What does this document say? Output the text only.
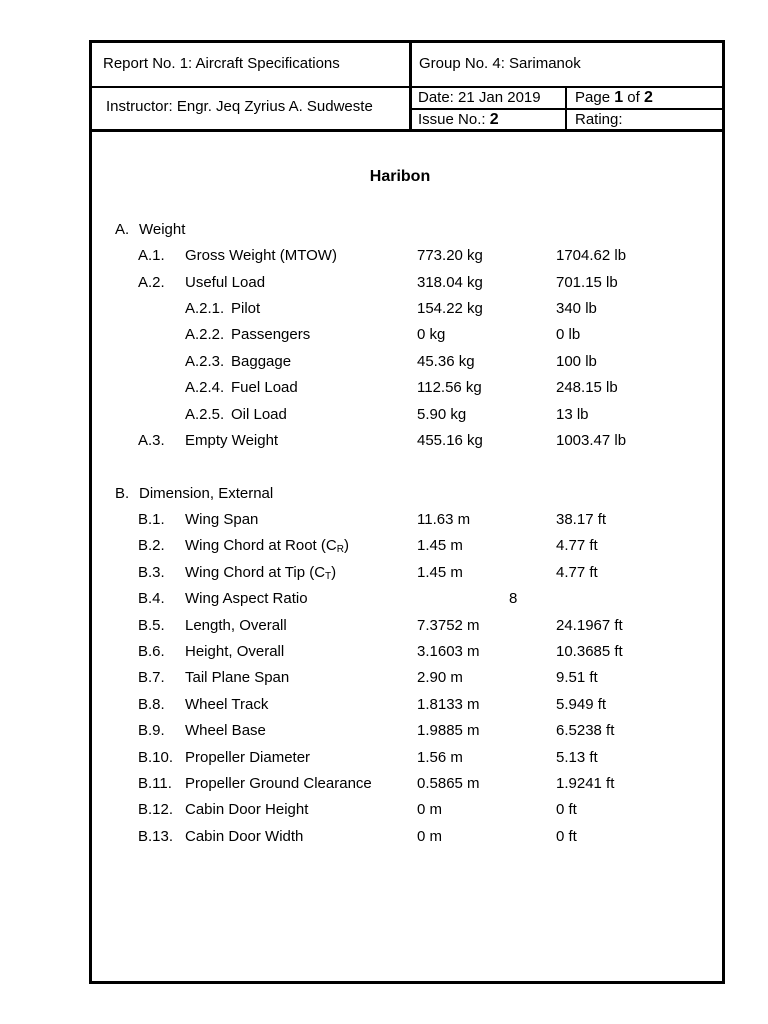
Report No. 1: Aircraft Specifications	Group No. 4: Sarimanok
Instructor: Engr. Jeq Zyrius A. Sudweste
Date: 21 Jan 2019 Page 1 of 2
Issue No.: 2	Rating:
Haribon
A. Weight
A.1. Gross Weight (MTOW)	773.20 kg	1704.62 lb
A.2. Useful Load	318.04 kg	701.15 lb
A.2.1. Pilot	154.22 kg	340 lb
A.2.2. Passengers	0 kg	0 lb
A.2.3. Baggage	45.36 kg	100 lb
A.2.4. Fuel Load	112.56 kg	248.15 lb
A.2.5. Oil Load	5.90 kg	13 lb
A.3. Empty Weight	455.16 kg	1003.47 lb
B. Dimension, External
B.1. Wing Span	11.63 m	38.17 ft
B.2. Wing Chord at Root (CR)	1.45 m	4.77 ft
B.3. Wing Chord at Tip (CT)	1.45 m	4.77 ft
B.4. Wing Aspect Ratio	8
B.5. Length, Overall	7.3752 m	24.1967 ft
B.6. Height, Overall	3.1603 m	10.3685 ft
B.7. Tail Plane Span	2.90 m	9.51 ft
B.8. Wheel Track	1.8133 m	5.949 ft
B.9. Wheel Base	1.9885 m	6.5238 ft
B.10. Propeller Diameter	1.56 m	5.13 ft
B.11. Propeller Ground Clearance	0.5865 m	1.9241 ft
B.12. Cabin Door Height	0 m	0 ft
B.13. Cabin Door Width	0 m	0 ft
